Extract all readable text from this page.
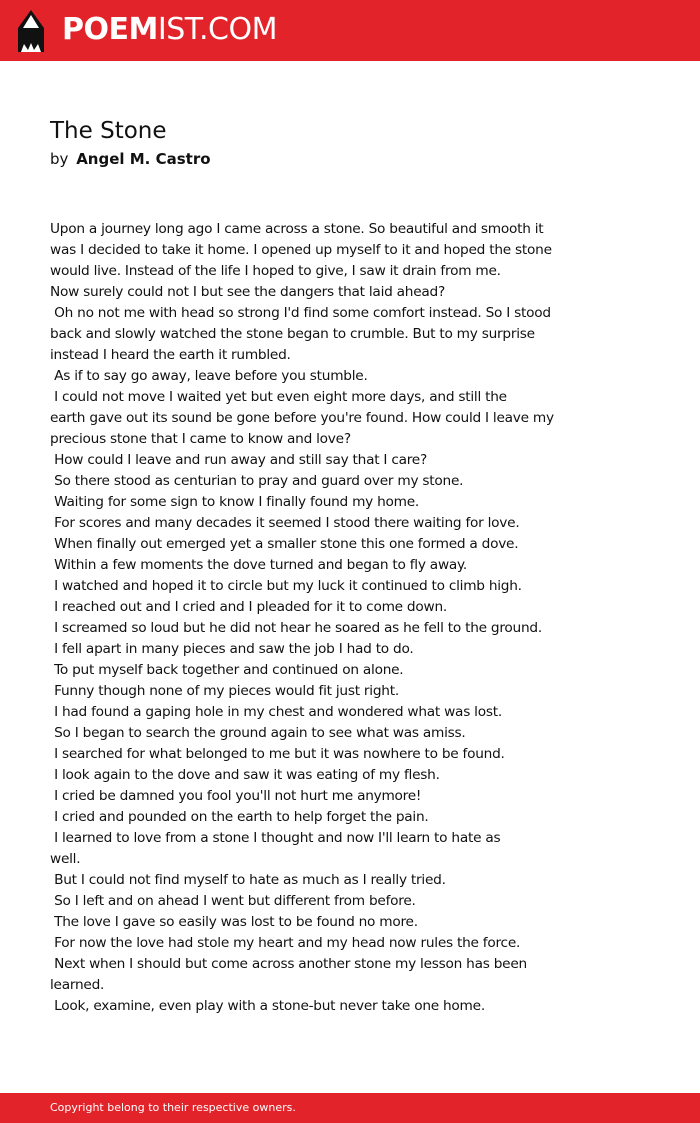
POEMIST.COM
The Stone
by Angel M. Castro
Upon a journey long ago I came across a stone. So beautiful and smooth it
was I decided to take it home. I opened up myself to it and hoped the stone
would live. Instead of the life I hoped to give, I saw it drain from me.
Now surely could not I but see the dangers that laid ahead?
Oh no not me with head so strong I'd find some comfort instead. So I stood
back and slowly watched the stone began to crumble. But to my surprise
instead I heard the earth it rumbled.
As if to say go away, leave before you stumble.
I could not move I waited yet but even eight more days, and still the
earth gave out its sound be gone before you're found. How could I leave my
precious stone that I came to know and love?
How could I leave and run away and still say that I care?
So there stood as centurian to pray and guard over my stone.
Waiting for some sign to know I finally found my home.
For scores and many decades it seemed I stood there waiting for love.
When finally out emerged yet a smaller stone this one formed a dove.
Within a few moments the dove turned and began to fly away.
I watched and hoped it to circle but my luck it continued to climb high.
I reached out and I cried and I pleaded for it to come down.
I screamed so loud but he did not hear he soared as he fell to the ground.
I fell apart in many pieces and saw the job I had to do.
To put myself back together and continued on alone.
Funny though none of my pieces would fit just right.
I had found a gaping hole in my chest and wondered what was lost.
So I began to search the ground again to see what was amiss.
I searched for what belonged to me but it was nowhere to be found.
I look again to the dove and saw it was eating of my flesh.
I cried be damned you fool you'll not hurt me anymore!
I cried and pounded on the earth to help forget the pain.
I learned to love from a stone I thought and now I'll learn to hate as
well.
But I could not find myself to hate as much as I really tried.
So I left and on ahead I went but different from before.
The love I gave so easily was lost to be found no more.
For now the love had stole my heart and my head now rules the force.
Next when I should but come across another stone my lesson has been
learned.
Look, examine, even play with a stone-but never take one home.
Copyright belong to their respective owners.
